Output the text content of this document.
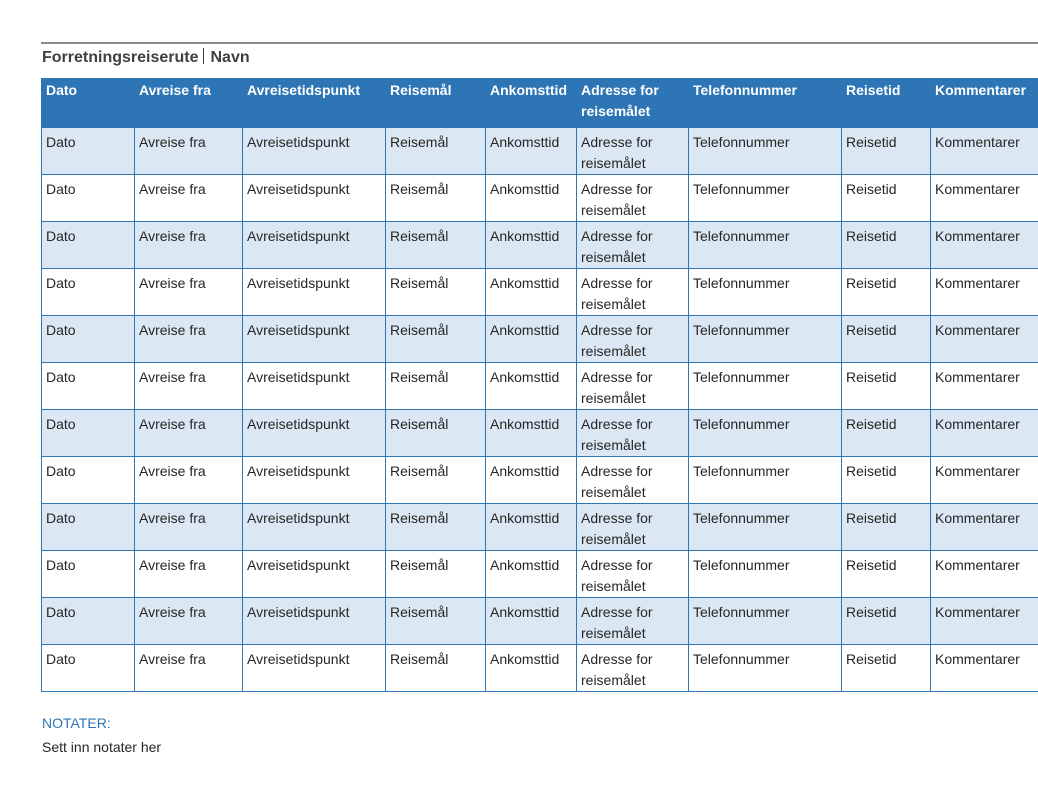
Forretningsreiserute Navn
Dato	Avreise fra	Avreisetidspunkt	Reisemål	Ankomsttid	Adresse for reisemålet	Telefonnummer	Reisetid	Kommentarer
Dato	Avreise fra	Avreisetidspunkt	Reisemål	Ankomsttid	Adresse for reisemålet	Telefonnummer	Reisetid	Kommentarer
Dato	Avreise fra	Avreisetidspunkt	Reisemål	Ankomsttid	Adresse for reisemålet	Telefonnummer	Reisetid	Kommentarer
Dato	Avreise fra	Avreisetidspunkt	Reisemål	Ankomsttid	Adresse for reisemålet	Telefonnummer	Reisetid	Kommentarer
Dato	Avreise fra	Avreisetidspunkt	Reisemål	Ankomsttid	Adresse for reisemålet	Telefonnummer	Reisetid	Kommentarer
Dato	Avreise fra	Avreisetidspunkt	Reisemål	Ankomsttid	Adresse for reisemålet	Telefonnummer	Reisetid	Kommentarer
Dato	Avreise fra	Avreisetidspunkt	Reisemål	Ankomsttid	Adresse for reisemålet	Telefonnummer	Reisetid	Kommentarer
Dato	Avreise fra	Avreisetidspunkt	Reisemål	Ankomsttid	Adresse for reisemålet	Telefonnummer	Reisetid	Kommentarer
Dato	Avreise fra	Avreisetidspunkt	Reisemål	Ankomsttid	Adresse for reisemålet	Telefonnummer	Reisetid	Kommentarer
Dato	Avreise fra	Avreisetidspunkt	Reisemål	Ankomsttid	Adresse for reisemålet	Telefonnummer	Reisetid	Kommentarer
Dato	Avreise fra	Avreisetidspunkt	Reisemål	Ankomsttid	Adresse for reisemålet	Telefonnummer	Reisetid	Kommentarer
Dato	Avreise fra	Avreisetidspunkt	Reisemål	Ankomsttid	Adresse for reisemålet	Telefonnummer	Reisetid	Kommentarer
Dato	Avreise fra	Avreisetidspunkt	Reisemål	Ankomsttid	Adresse for reisemålet	Telefonnummer	Reisetid	Kommentarer
NOTATER:
Sett inn notater her
